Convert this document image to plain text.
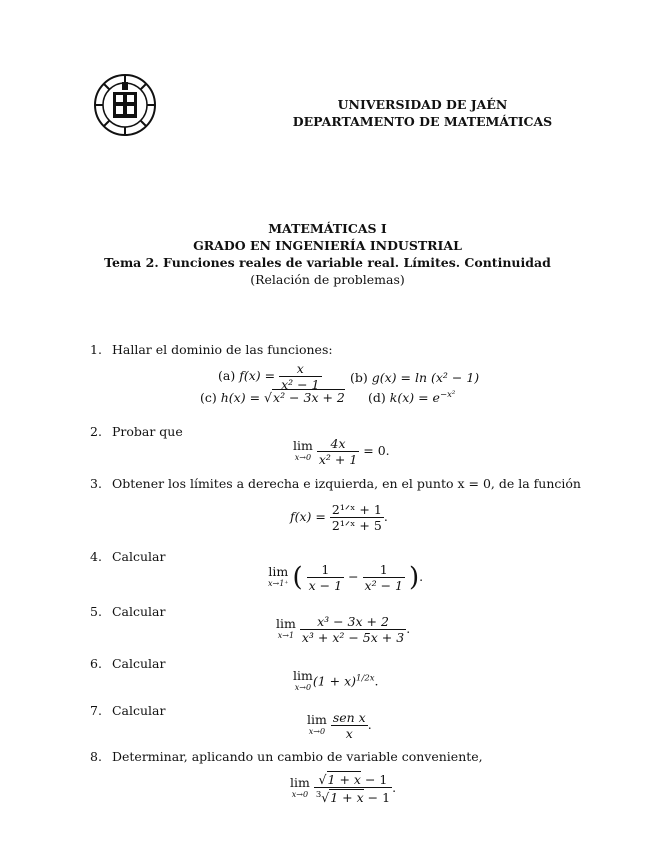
UNIVERSIDAD DE JAÉN
DEPARTAMENTO DE MATEMÁTICAS
MATEMÁTICAS I
GRADO EN INGENIERÍA INDUSTRIAL
Tema 2. Funciones reales de variable real. Límites. Continuidad
(Relación de problemas)
1. Hallar el dominio de las funciones:
(a) $f(x) = \frac{x}{\text{x² − 1}} (b) g(x) = \ln (x^2 - 1)$
(c) h(x) = √x² − 3x + 2 (d) $k(x) = e^{-x^2}$
2. Probar que
lim
x→0
$\frac{4x}{\text{x² + 1}} = 0$.
3. Obtener los límites a derecha e izquierda, en el punto x = 0, de la función
$f(x) = \frac{\text{2¹ᐟˣ + 1}}{\text{2¹ᐟˣ + 5}}$ .
4. Calcular
lim
x→1⁺ ( $\frac{1}{x - 1} - \frac{1}{\text{x² − 1}}$ ).
5. Calcular
lim
x→1
$\frac{\text{x³ − 3x + 2}}{\text{x³ + x² − 5x + 3}}$ .
6. Calcular
lim
x→0 $(1 + x)^{1/2x}$.
7. Calcular
lim
x→0
$\frac{\text{sen x}}{x}$ .
8. Determinar, aplicando un cambio de variable conveniente,
lim
x→0
$\frac{√1 + x - 1}{^3√1 + x - 1}$ .
